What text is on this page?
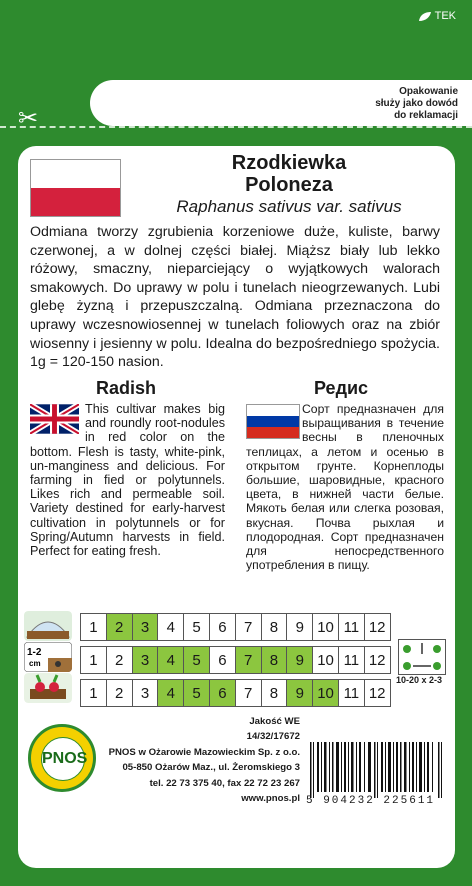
TEK
Opakowanie
służy jako dowód
do reklamacji
✂
Rzodkiewka
Poloneza
Raphanus sativus var. sativus
Odmiana tworzy zgrubienia korzeniowe duże, kuliste, barwy czerwonej, a w dolnej części białej. Miąższ biały lub lekko różowy, smaczny, nieparciejący o wyjątkowych walorach smakowych. Do uprawy w polu i tunelach nieogrzewanych. Lubi glebę żyzną i przepuszczalną. Odmiana przeznaczona do uprawy wczesnowiosennej w tunelach foliowych oraz na zbiór wiosenny i jesienny w polu. Idealna do bezpośredniego spożycia. 1g = 120-150 nasion.
Radish	Редис
This cultivar makes big and roundly root-nodules in red color on the bottom. Flesh is tasty, white-pink, un-manginess and delicious. For farming in fied or polytunnels. Likes rich and permeable soil. Variety destined for early-harvest cultivation in polytunnels or for Spring/Autumn harvests in field. Perfect for eating fresh.
Сорт предназначен для выращивания в течение весны в пленочных теплицах, а летом и осенью в открытом грунте. Корнеплоды большие, шаровидные, красного цвета, в нижней части белые. Мякоть белая или слегка розовая, вкусная. Почва рыхлая и плодородная. Сорт предназначен для непосредственного употребления в пищу.
1-2
cm
1	2	3	4	5	6	7	8	9 10 11 12
1	2	3	4	5	6	7	8	9 10 11 12
1	2	3	4	5	6	7	8	9 10 11 12
10-20 x 2-3
PNOS
Jakość WE
14/32/17672
PNOS w Ożarowie Mazowieckim Sp. z o.o.
05-850 Ożarów Maz., ul. Żeromskiego 3
tel. 22 73 375 40, fax 22 72 23 267
www.pnos.pl 5 904232 225611
